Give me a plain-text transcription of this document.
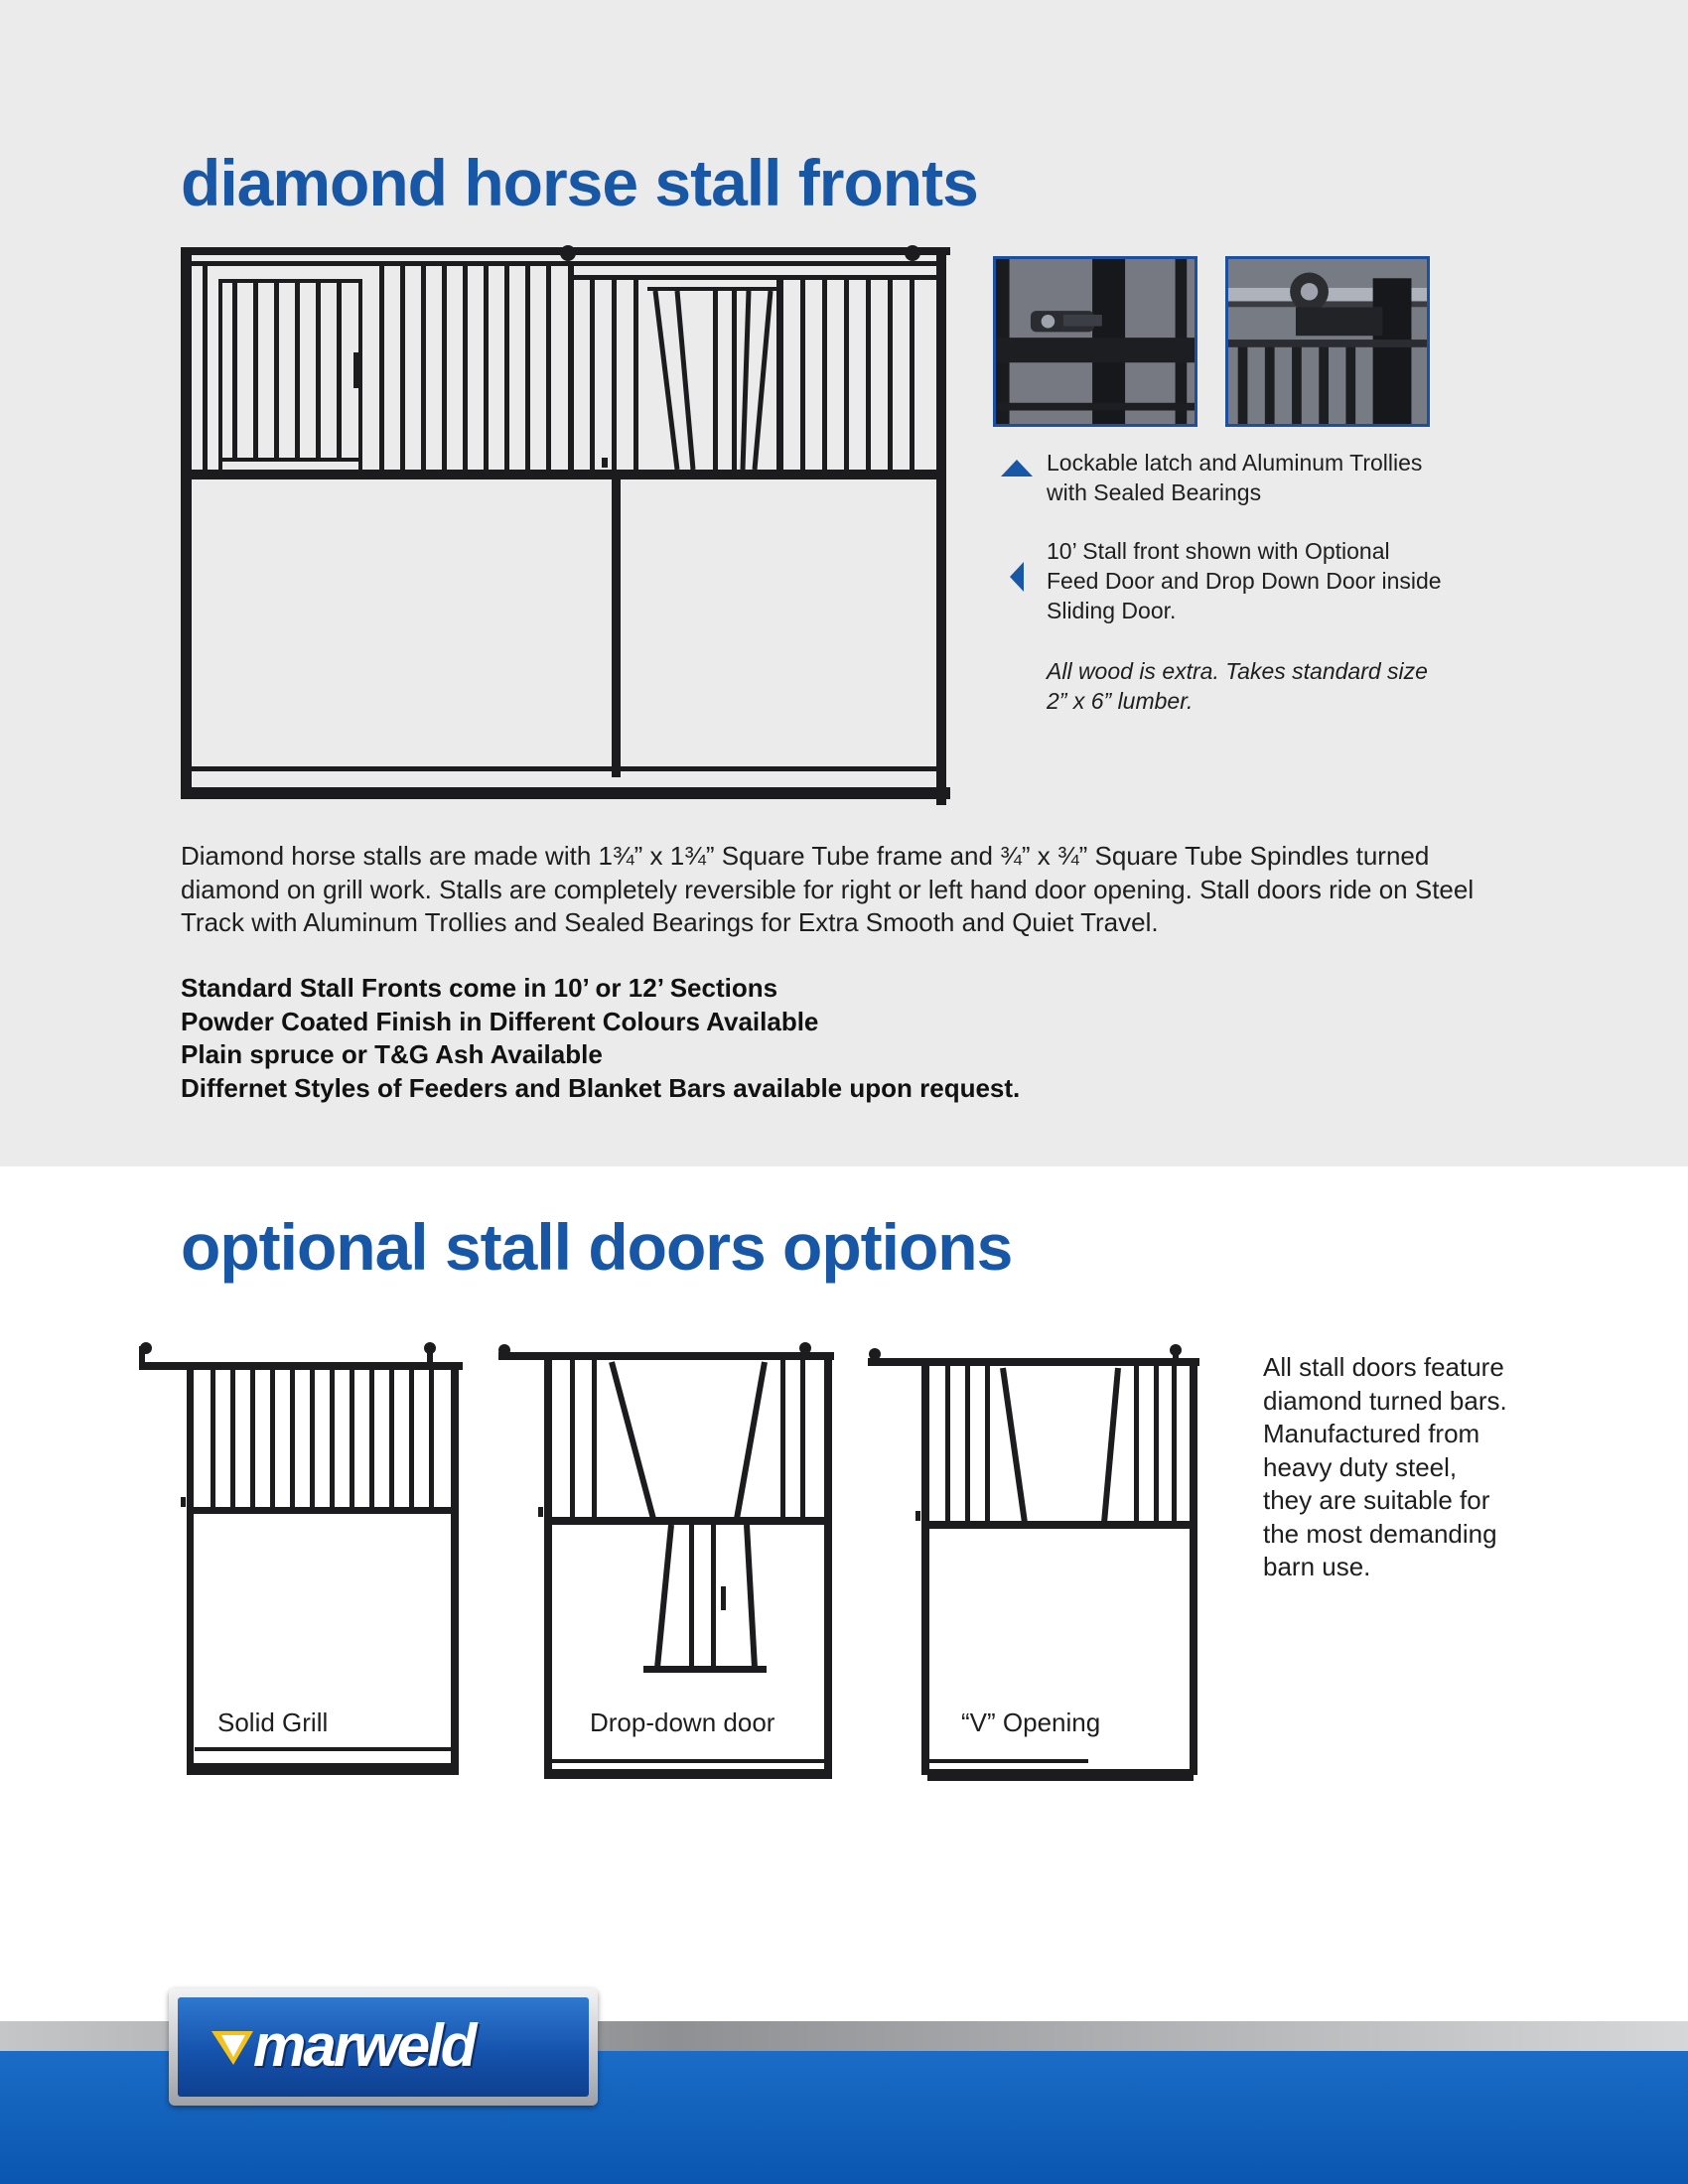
diamond horse stall fronts
Lockable latch and Aluminum Trollies with Sealed Bearings
10’ Stall front shown with Optional Feed Door and Drop Down Door inside Sliding Door.
All wood is extra. Takes standard size 2” x 6” lumber.

Diamond horse stalls are made with 1¾” x 1¾” Square Tube frame and ¾” x ¾” Square Tube Spindles turned diamond on grill work. Stalls are completely reversible for right or left hand door opening. Stall doors ride on Steel Track with Aluminum Trollies and Sealed Bearings for Extra Smooth and Quiet Travel.

Standard Stall Fronts come in 10’ or 12’ Sections
Powder Coated Finish in Different Colours Available
Plain spruce or T&G Ash Available
Differnet Styles of Feeders and Blanket Bars available upon request.
optional stall doors options
Solid Grill	Drop-down door	“V” Opening

All stall doors feature diamond turned bars. Manufactured from heavy duty steel, they are suitable for the most demanding barn use.

marweld
